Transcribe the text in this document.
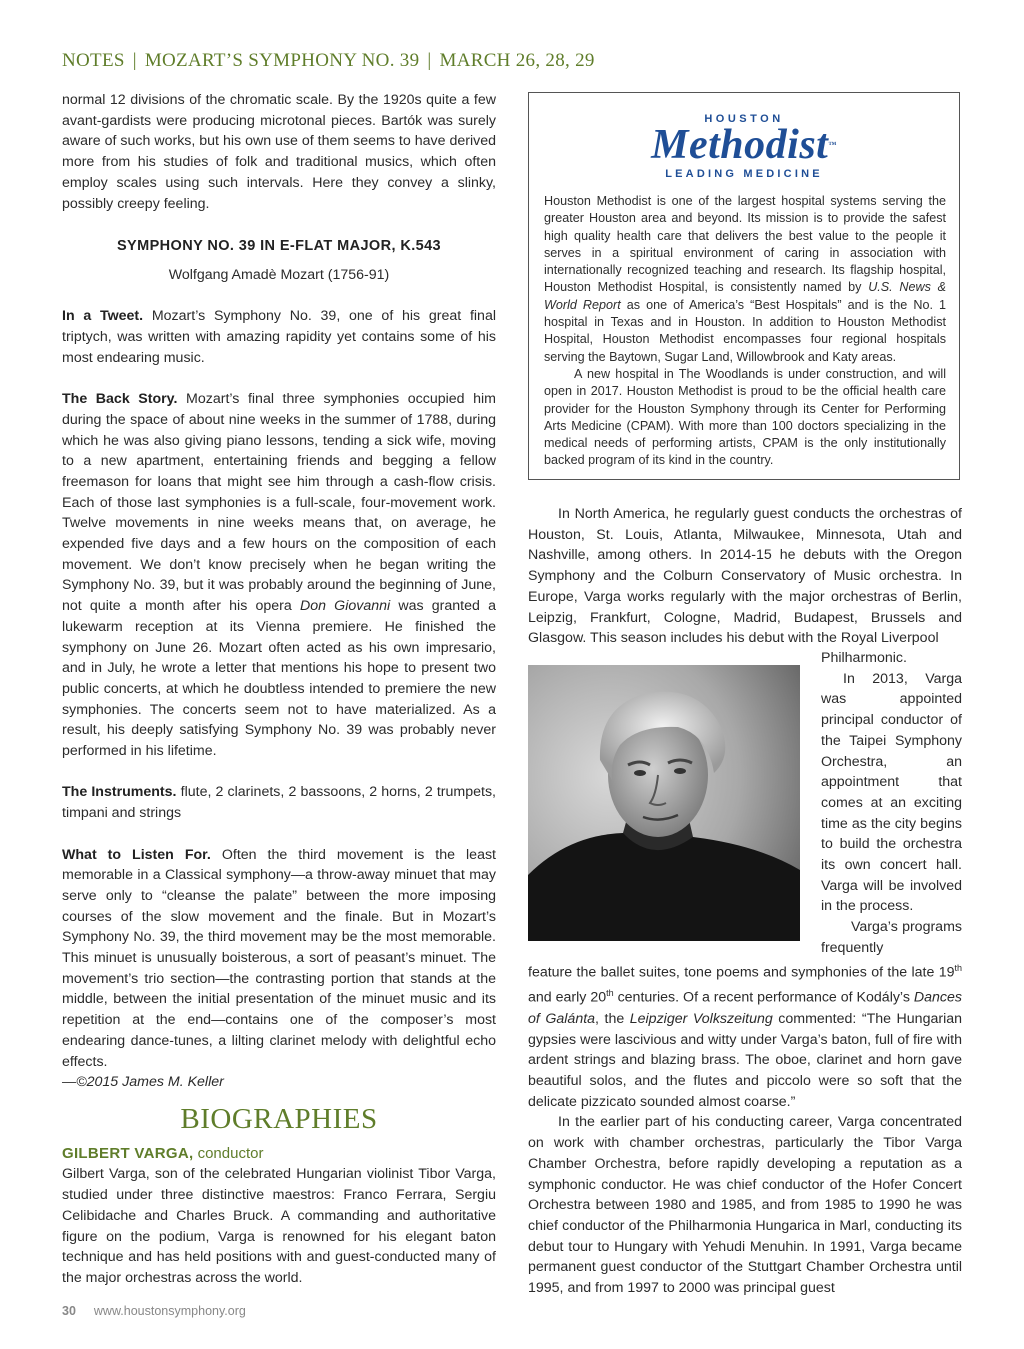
NOTES | MOZART’S SYMPHONY NO. 39 | MARCH 26, 28, 29

normal 12 divisions of the chromatic scale. By the 1920s quite a few avant-gardists were producing microtonal pieces. Bartók was surely aware of such works, but his own use of them seems to have derived more from his studies of folk and traditional musics, which often employ scales using such intervals. Here they convey a slinky, possibly creepy feeling.

SYMPHONY NO. 39 IN E-FLAT MAJOR, K.543
Wolfgang Amadè Mozart (1756-91)

In a Tweet. Mozart’s Symphony No. 39, one of his great final triptych, was written with amazing rapidity yet contains some of his most endearing music.

The Back Story. Mozart’s final three symphonies occupied him during the space of about nine weeks in the summer of 1788, during which he was also giving piano lessons, tending a sick wife, moving to a new apartment, entertaining friends and begging a fellow freemason for loans that might see him through a cash-flow crisis. Each of those last symphonies is a full-scale, four-movement work. Twelve movements in nine weeks means that, on average, he expended five days and a few hours on the composition of each movement. We don’t know precisely when he began writing the Symphony No. 39, but it was probably around the beginning of June, not quite a month after his opera Don Giovanni was granted a lukewarm reception at its Vienna premiere. He finished the symphony on June 26. Mozart often acted as his own impresario, and in July, he wrote a letter that mentions his hope to present two public concerts, at which he doubtless intended to premiere the new symphonies. The concerts seem not to have materialized. As a result, his deeply satisfying Symphony No. 39 was probably never performed in his lifetime.

The Instruments. flute, 2 clarinets, 2 bassoons, 2 horns, 2 trumpets, timpani and strings

What to Listen For. Often the third movement is the least memorable in a Classical symphony—a throw-away minuet that may serve only to “cleanse the palate” between the more imposing courses of the slow movement and the finale. But in Mozart’s Symphony No. 39, the third movement may be the most memorable. This minuet is unusually boisterous, a sort of peasant’s minuet. The movement’s trio section—the contrasting portion that stands at the middle, between the initial presentation of the minuet music and its repetition at the end—contains one of the composer’s most endearing dance-tunes, a lilting clarinet melody with delightful echo effects.

—©2015 James M. Keller

BIOGRAPHIES
GILBERT VARGA, conductor

Gilbert Varga, son of the celebrated Hungarian violinist Tibor Varga, studied under three distinctive maestros: Franco Ferrara, Sergiu Celibidache and Charles Bruck. A commanding and authoritative figure on the podium, Varga is renowned for his elegant baton technique and has held positions with and guest-conducted many of the major orchestras across the world.

HOUSTON
Methodist™
LEADING MEDICINE

Houston Methodist is one of the largest hospital systems serving the greater Houston area and beyond. Its mission is to provide the safest high quality health care that delivers the best value to the people it serves in a spiritual environment of caring in association with internationally recognized teaching and research. Its flagship hospital, Houston Methodist Hospital, is consistently named by U.S. News & World Report as one of America’s “Best Hospitals” and is the No. 1 hospital in Texas and in Houston. In addition to Houston Methodist Hospital, Houston Methodist encompasses four regional hospitals serving the Baytown, Sugar Land, Willowbrook and Katy areas.

A new hospital in The Woodlands is under construction, and will open in 2017. Houston Methodist is proud to be the official health care provider for the Houston Symphony through its Center for Performing Arts Medicine (CPAM). With more than 100 doctors specializing in the medical needs of performing artists, CPAM is the only institutionally backed program of its kind in the country.

In North America, he regularly guest conducts the orchestras of Houston, St. Louis, Atlanta, Milwaukee, Minnesota, Utah and Nashville, among others. In 2014-15 he debuts with the Oregon Symphony and the Colburn Conservatory of Music orchestra. In Europe, Varga works regularly with the major orchestras of Berlin, Leipzig, Frankfurt, Cologne, Madrid, Budapest, Brussels and Glasgow. This season includes his debut with the Royal Liverpool

Philharmonic.

In 2013, Varga was appointed principal conductor of the Taipei Symphony Orchestra, an appointment that comes at an exciting time as the city begins to build the orchestra its own concert hall. Varga will be involved in the process.

Varga’s programs frequently

feature the ballet suites, tone poems and symphonies of the late 19th and early 20th centuries. Of a recent performance of Kodály’s Dances of Galánta, the Leipziger Volkszeitung commented: “The Hungarian gypsies were lascivious and witty under Varga’s baton, full of fire with ardent strings and blazing brass. The oboe, clarinet and horn gave beautiful solos, and the flutes and piccolo were so soft that the delicate pizzicato sounded almost coarse.”

In the earlier part of his conducting career, Varga concentrated on work with chamber orchestras, particularly the Tibor Varga Chamber Orchestra, before rapidly developing a reputation as a symphonic conductor. He was chief conductor of the Hofer Concert Orchestra between 1980 and 1985, and from 1985 to 1990 he was chief conductor of the Philharmonia Hungarica in Marl, conducting its debut tour to Hungary with Yehudi Menuhin. In 1991, Varga became permanent guest conductor of the Stuttgart Chamber Orchestra until 1995, and from 1997 to 2000 was principal guest

30 www.houstonsymphony.org
